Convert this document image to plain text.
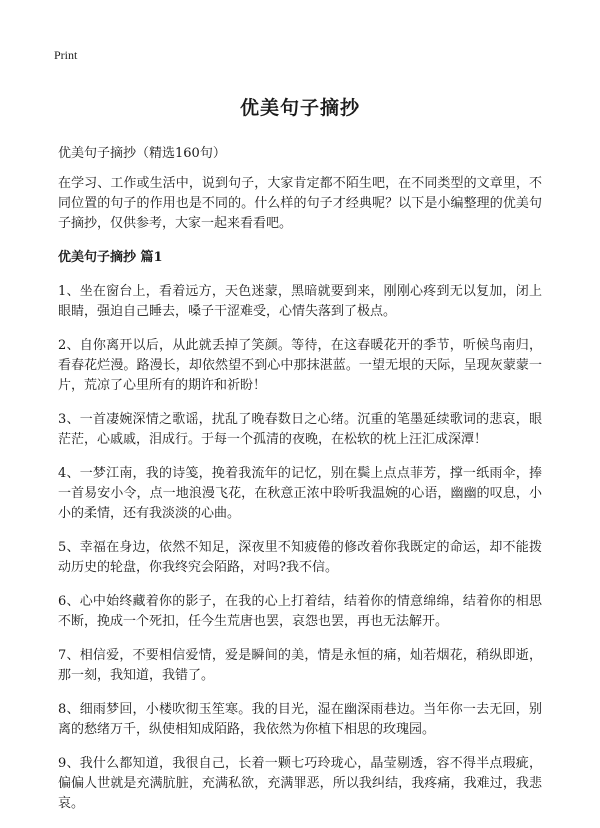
Print
优美句子摘抄
优美句子摘抄（精选160句）

在学习、工作或生活中，说到句子，大家肯定都不陌生吧，在不同类型的文章里，不同位置的句子的作用也是不同的。什么样的句子才经典呢？以下是小编整理的优美句子摘抄，仅供参考，大家一起来看看吧。

优美句子摘抄 篇1

1、坐在窗台上，看着远方，天色迷蒙，黑暗就要到来，刚刚心疼到无以复加，闭上眼睛，强迫自己睡去，嗓子干涩难受，心情失落到了极点。

2、自你离开以后，从此就丢掉了笑颜。等待，在这春暖花开的季节，听候鸟南归，看春花烂漫。路漫长，却依然望不到心中那抹湛蓝。一望无垠的天际，呈现灰蒙蒙一片，荒凉了心里所有的期许和祈盼！

3、一首凄婉深情之歌谣，扰乱了晚春数日之心绪。沉重的笔墨延续歌词的悲哀，眼茫茫，心戚戚，泪成行。于每一个孤清的夜晚，在松软的枕上汪汇成深潭！

4、一梦江南，我的诗笺，挽着我流年的记忆，别在鬓上点点菲芳，撑一纸雨伞，捧一首易安小令，点一地浪漫飞花，在秋意正浓中聆听我温婉的心语，幽幽的叹息，小小的柔情，还有我淡淡的心曲。

5、幸福在身边，依然不知足，深夜里不知疲倦的修改着你我既定的命运，却不能拨动历史的轮盘，你我终究会陌路，对吗?我不信。

6、心中始终藏着你的影子，在我的心上打着结，结着你的情意绵绵，结着你的相思不断，挽成一个死扣，任今生荒唐也罢，哀怨也罢，再也无法解开。

7、相信爱，不要相信爱情，爱是瞬间的美，情是永恒的痛，灿若烟花，稍纵即逝，那一刻，我知道，我错了。

8、细雨梦回，小楼吹彻玉笙寒。我的目光，湿在幽深雨巷边。当年你一去无回，别离的愁绪万千，纵使相知成陌路，我依然为你植下相思的玫瑰园。

9、我什么都知道，我很自己，长着一颗七巧玲珑心，晶莹剔透，容不得半点瑕疵，偏偏人世就是充满肮脏，充满私欲，充满罪恶，所以我纠结，我疼痛，我难过，我悲哀。
